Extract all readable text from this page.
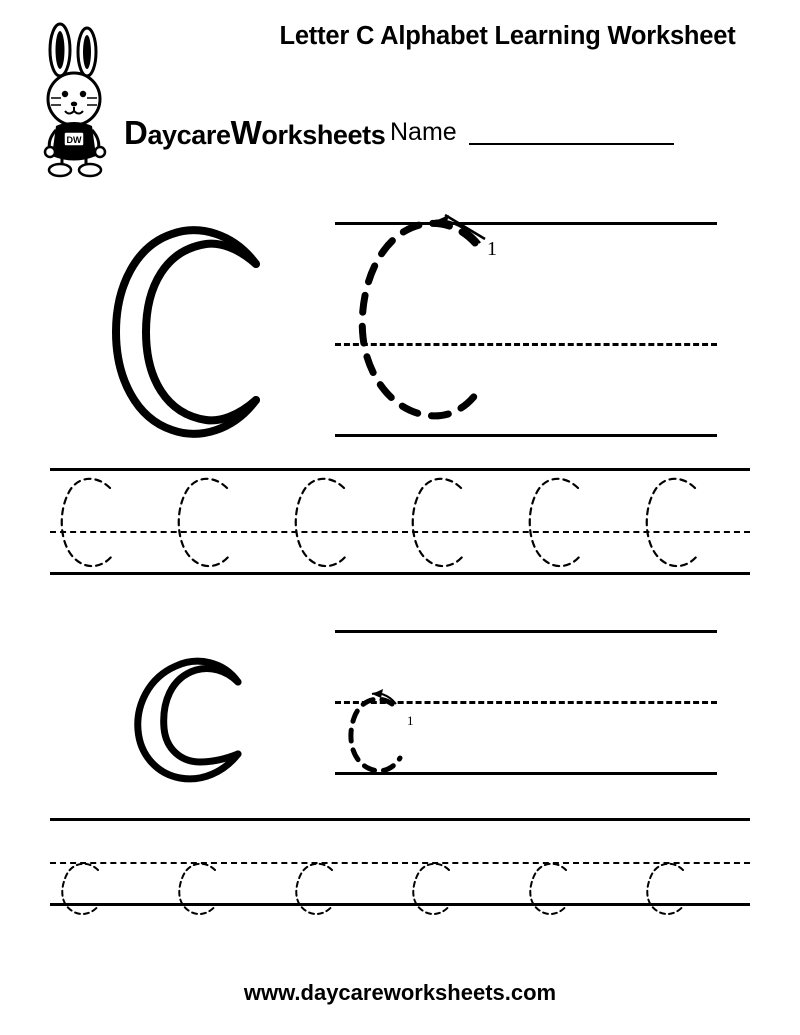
DW DaycareWorksheets
Letter C Alphabet Learning Worksheet
Name
1
1
www.daycareworksheets.com
